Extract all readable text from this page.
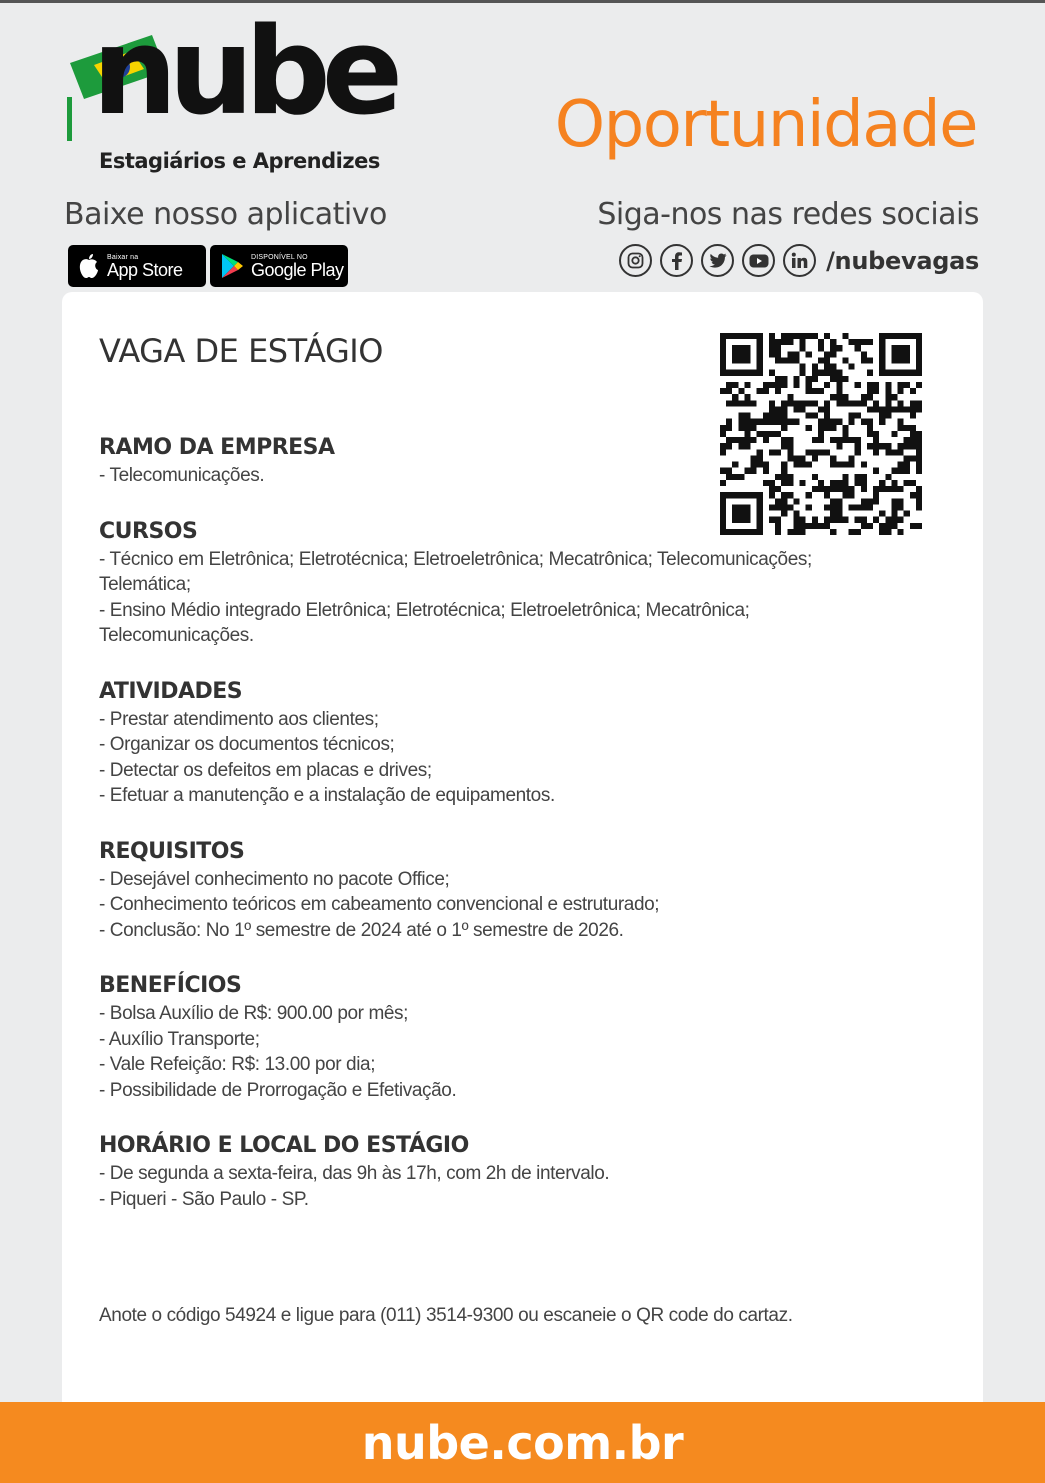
nube
Estagiários e Aprendizes	Oportunidade
Baixe nosso aplicativo
Baixar na
App Store
DISPONÍVEL NO
Google Play
Siga-nos nas redes sociais
/nubevagas
VAGA DE ESTÁGIO
RAMO DA EMPRESA
- Telecomunicações.
CURSOS
- Técnico em Eletrônica; Eletrotécnica; Eletroeletrônica; Mecatrônica; Telecomunicações;
Telemática;
- Ensino Médio integrado Eletrônica; Eletrotécnica; Eletroeletrônica; Mecatrônica;
Telecomunicações.
ATIVIDADES
- Prestar atendimento aos clientes;
- Organizar os documentos técnicos;
- Detectar os defeitos em placas e drives;
- Efetuar a manutenção e a instalação de equipamentos.
REQUISITOS
- Desejável conhecimento no pacote Office;
- Conhecimento teóricos em cabeamento convencional e estruturado;
- Conclusão: No 1º semestre de 2024 até o 1º semestre de 2026.
BENEFÍCIOS
- Bolsa Auxílio de R$: 900.00 por mês;
- Auxílio Transporte;
- Vale Refeição: R$: 13.00 por dia;
- Possibilidade de Prorrogação e Efetivação.
HORÁRIO E LOCAL DO ESTÁGIO
- De segunda a sexta-feira, das 9h às 17h, com 2h de intervalo.
- Piqueri - São Paulo - SP.
Anote o código 54924 e ligue para (011) 3514-9300 ou escaneie o QR code do cartaz.
nube.com.br
